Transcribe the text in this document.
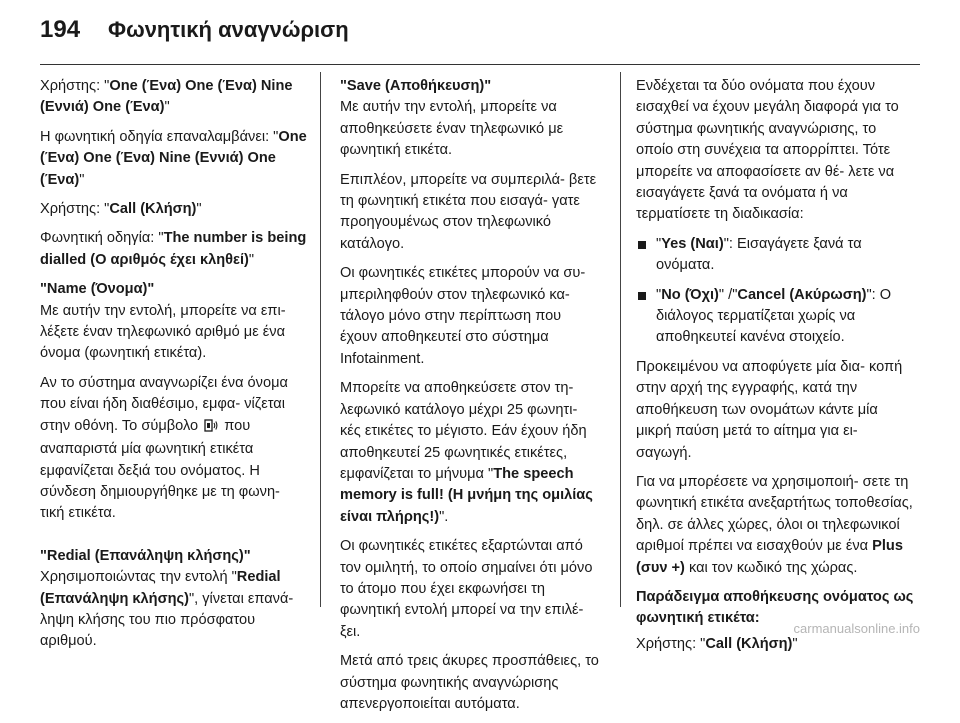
194 Φωνητική αναγνώριση

Χρήστης: "One (Ένα) One (Ένα) Nine (Εννιά) One (Ένα)"

Η φωνητική οδηγία επαναλαμβάνει: "One (Ένα) One (Ένα) Nine (Εννιά) One (Ένα)"

Χρήστης: "Call (Κλήση)"

Φωνητική οδηγία: "The number is being dialled (Ο αριθμός έχει κληθεί)"

"Name (Όνομα)"

Με αυτήν την εντολή, μπορείτε να επι- λέξετε έναν τηλεφωνικό αριθμό με ένα όνομα (φωνητική ετικέτα).

Αν το σύστημα αναγνωρίζει ένα όνομα που είναι ήδη διαθέσιμο, εμφα- νίζεται στην οθόνη. Το σύμβολο που αναπαριστά μία φωνητική ετικέτα εμφανίζεται δεξιά του ονόματος. Η σύνδεση δημιουργήθηκε με τη φωνη- τική ετικέτα.

"Redial (Επανάληψη κλήσης)"

Χρησιμοποιώντας την εντολή "Redial (Επανάληψη κλήσης)", γίνεται επανά- ληψη κλήσης του πιο πρόσφατου αριθμού.

"Save (Αποθήκευση)"

Με αυτήν την εντολή, μπορείτε να αποθηκεύσετε έναν τηλεφωνικό με φωνητική ετικέτα.

Επιπλέον, μπορείτε να συμπεριλά- βετε τη φωνητική ετικέτα που εισαγά- γατε προηγουμένως στον τηλεφωνικό κατάλογο.

Οι φωνητικές ετικέτες μπορούν να συ- μπεριληφθούν στον τηλεφωνικό κα- τάλογο μόνο στην περίπτωση που έχουν αποθηκευτεί στο σύστημα Infotainment.

Μπορείτε να αποθηκεύσετε στον τη- λεφωνικό κατάλογο μέχρι 25 φωνητι- κές ετικέτες το μέγιστο. Εάν έχουν ήδη αποθηκευτεί 25 φωνητικές ετικέτες, εμφανίζεται το μήνυμα "The speech memory is full! (Η μνήμη της ομιλίας είναι πλήρης!)".

Οι φωνητικές ετικέτες εξαρτώνται από τον ομιλητή, το οποίο σημαίνει ότι μόνο το άτομο που έχει εκφωνήσει τη φωνητική εντολή μπορεί να την επιλέ- ξει.

Μετά από τρεις άκυρες προσπάθειες, το σύστημα φωνητικής αναγνώρισης απενεργοποιείται αυτόματα.

Ενδέχεται τα δύο ονόματα που έχουν εισαχθεί να έχουν μεγάλη διαφορά για το σύστημα φωνητικής αναγνώρισης, το οποίο στη συνέχεια τα απορρίπτει. Τότε μπορείτε να αποφασίσετε αν θέ- λετε να εισαγάγετε ξανά τα ονόματα ή να τερματίσετε τη διαδικασία:

"Yes (Ναι)": Εισαγάγετε ξανά τα ονόματα.
"No (Όχι)" /"Cancel (Ακύρωση)": Ο διάλογος τερματίζεται χωρίς να αποθηκευτεί κανένα στοιχείο.

Προκειμένου να αποφύγετε μία δια- κοπή στην αρχή της εγγραφής, κατά την αποθήκευση των ονομάτων κάντε μία μικρή παύση μετά το αίτημα για ει- σαγωγή.

Για να μπορέσετε να χρησιμοποιή- σετε τη φωνητική ετικέτα ανεξαρτήτως τοποθεσίας, δηλ. σε άλλες χώρες, όλοι οι τηλεφωνικοί αριθμοί πρέπει να εισαχθούν με ένα Plus (συν +) και τον κωδικό της χώρας.

Παράδειγμα αποθήκευσης ονόματος ως φωνητική ετικέτα:

Χρήστης: "Call (Κλήση)"

carmanualsonline.info
